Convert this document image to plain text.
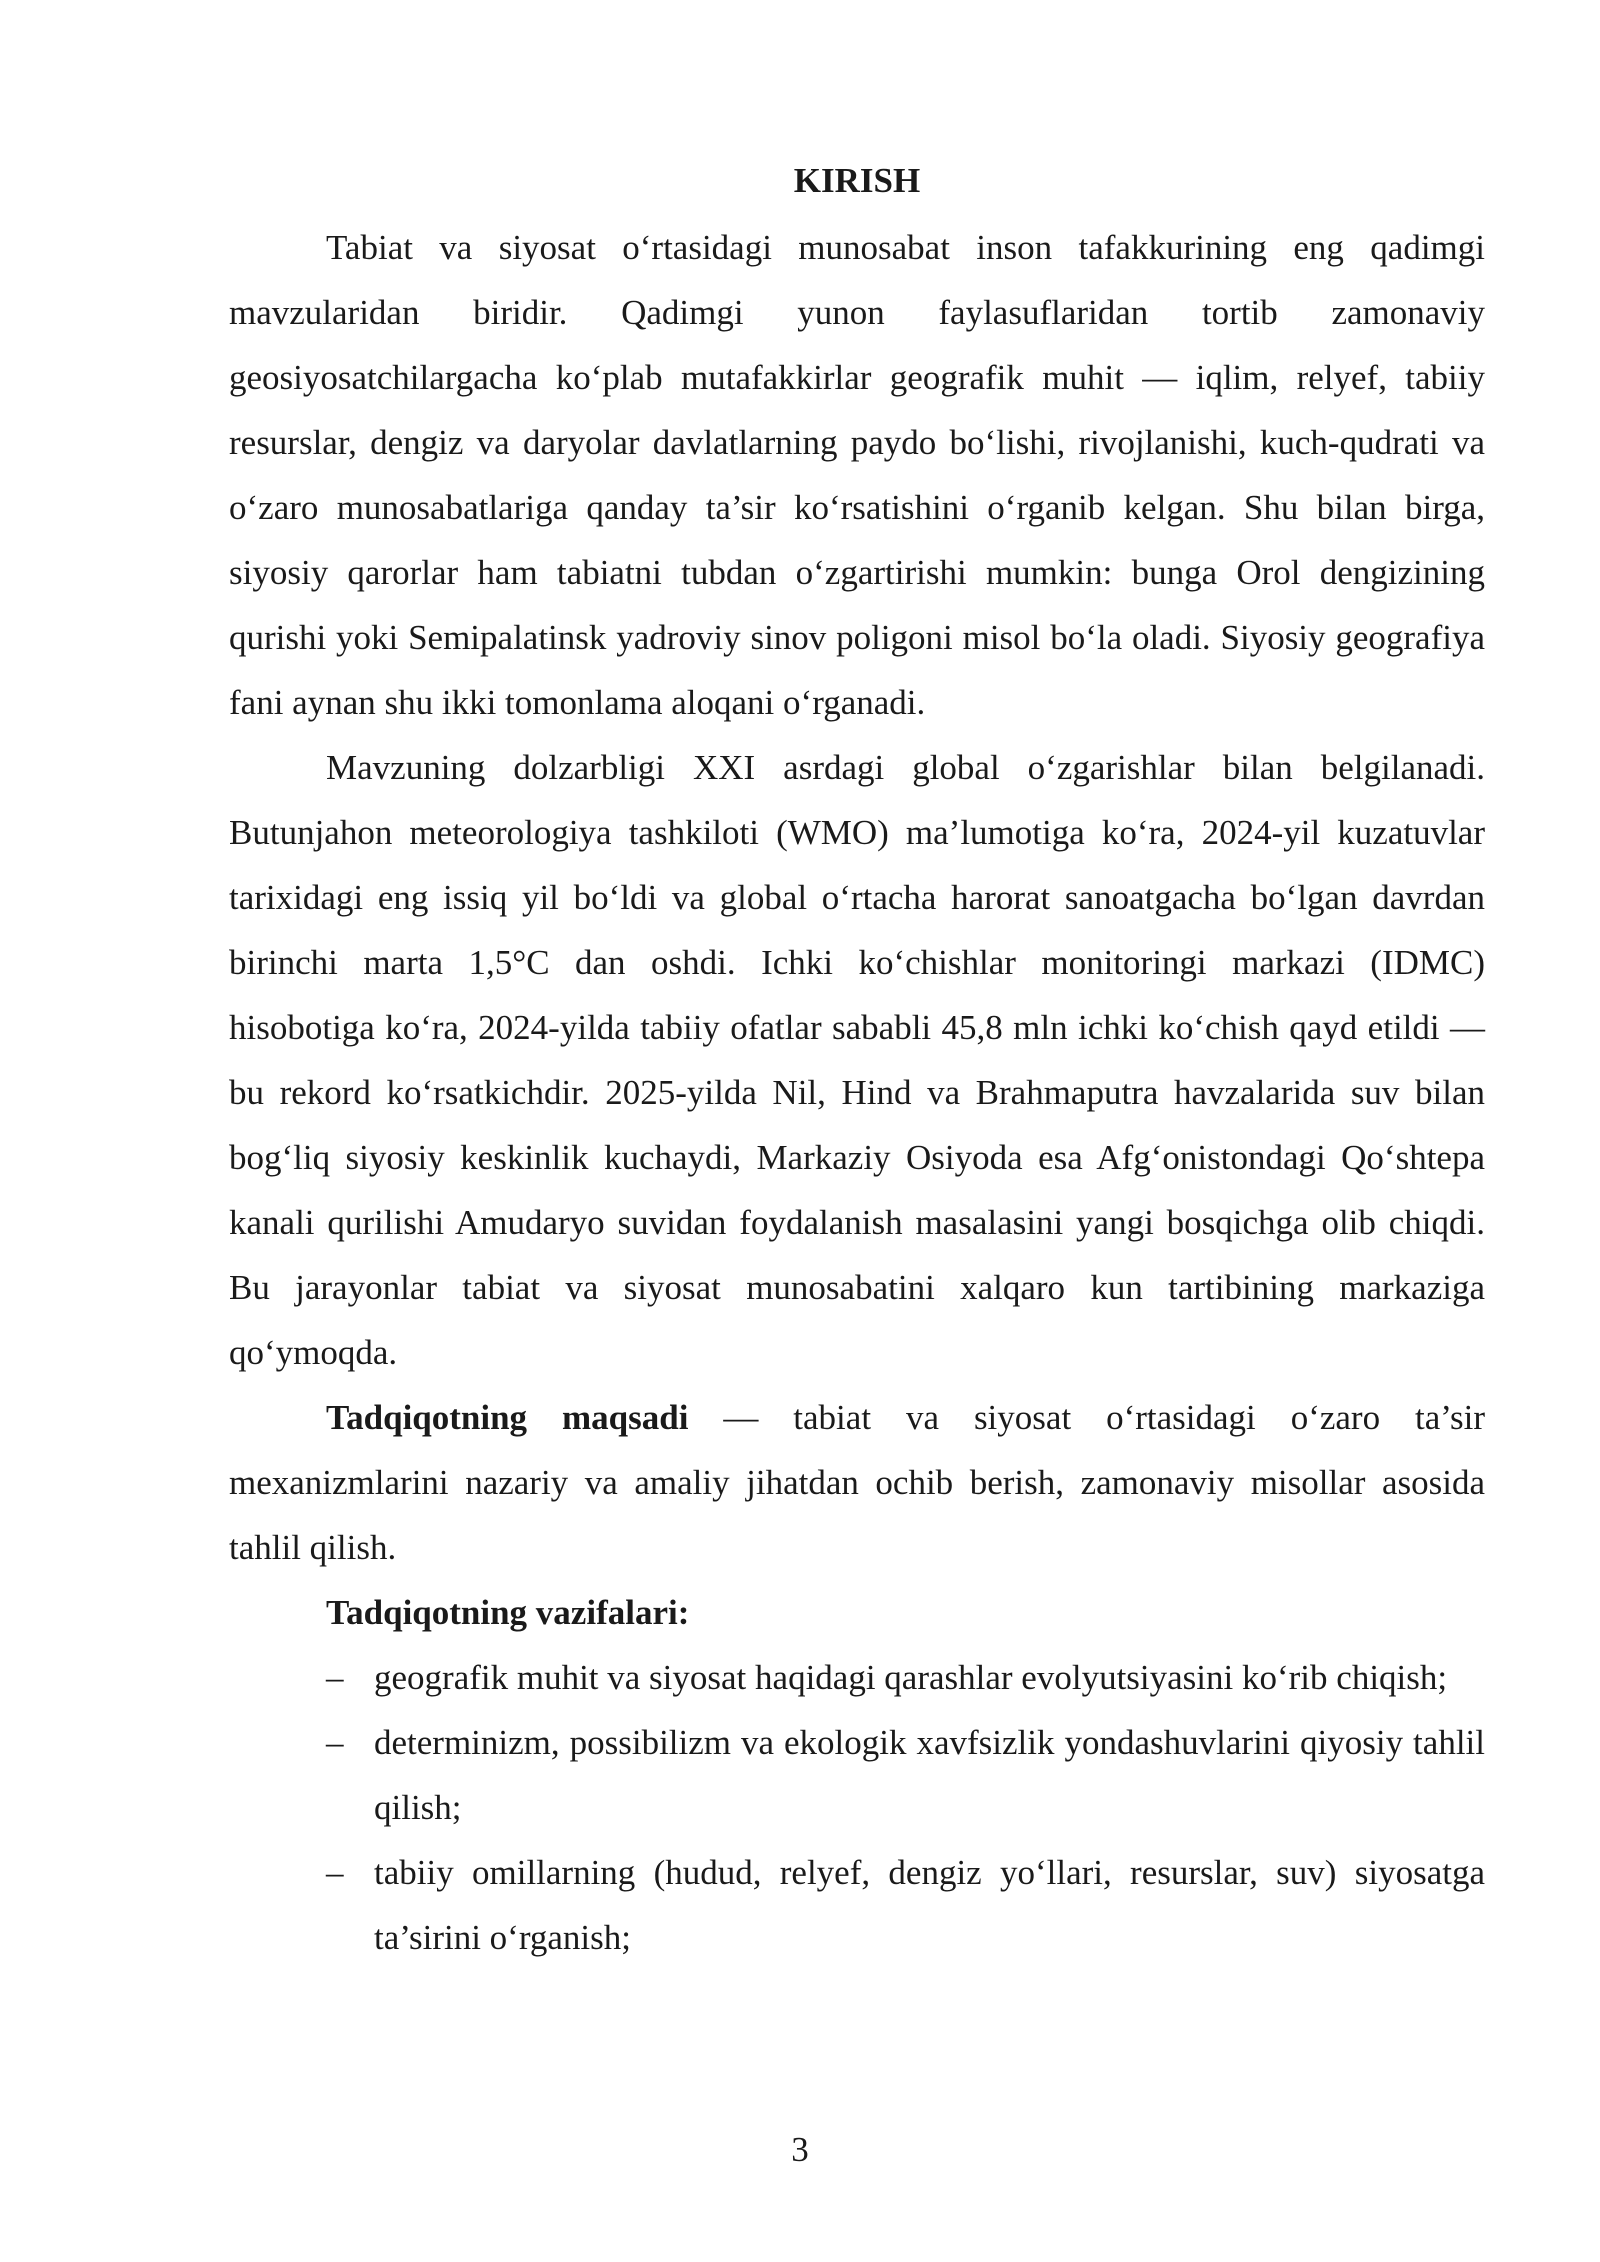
KIRISH

Tabiat va siyosat o‘rtasidagi munosabat inson tafakkurining eng qadimgi mavzularidan biridir. Qadimgi yunon faylasuflaridan tortib zamonaviy geosiyosatchilargacha ko‘plab mutafakkirlar geografik muhit — iqlim, relyef, tabiiy resurslar, dengiz va daryolar davlatlarning paydo bo‘lishi, rivojlanishi, kuch-qudrati va o‘zaro munosabatlariga qanday ta’sir ko‘rsatishini o‘rganib kelgan. Shu bilan birga, siyosiy qarorlar ham tabiatni tubdan o‘zgartirishi mumkin: bunga Orol dengizining qurishi yoki Semipalatinsk yadroviy sinov poligoni misol bo‘la oladi. Siyosiy geografiya fani aynan shu ikki tomonlama aloqani o‘rganadi.

Mavzuning dolzarbligi XXI asrdagi global o‘zgarishlar bilan belgilanadi. Butunjahon meteorologiya tashkiloti (WMO) ma’lumotiga ko‘ra, 2024-yil kuzatuvlar tarixidagi eng issiq yil bo‘ldi va global o‘rtacha harorat sanoatgacha bo‘lgan davrdan birinchi marta 1,5°C dan oshdi. Ichki ko‘chishlar monitoringi markazi (IDMC) hisobotiga ko‘ra, 2024-yilda tabiiy ofatlar sababli 45,8 mln ichki ko‘chish qayd etildi — bu rekord ko‘rsatkichdir. 2025-yilda Nil, Hind va Brahmaputra havzalarida suv bilan bog‘liq siyosiy keskinlik kuchaydi, Markaziy Osiyoda esa Afg‘onistondagi Qo‘shtepa kanali qurilishi Amudaryo suvidan foydalanish masalasini yangi bosqichga olib chiqdi. Bu jarayonlar tabiat va siyosat munosabatini xalqaro kun tartibining markaziga qo‘ymoqda.

Tadqiqotning maqsadi — tabiat va siyosat o‘rtasidagi o‘zaro ta’sir mexanizmlarini nazariy va amaliy jihatdan ochib berish, zamonaviy misollar asosida tahlil qilish.

Tadqiqotning vazifalari:

– geografik muhit va siyosat haqidagi qarashlar evolyutsiyasini ko‘rib chiqish;
– determinizm, possibilizm va ekologik xavfsizlik yondashuvlarini qiyosiy tahlil qilish;
– tabiiy omillarning (hudud, relyef, dengiz yo‘llari, resurslar, suv) siyosatga ta’sirini o‘rganish;
3
